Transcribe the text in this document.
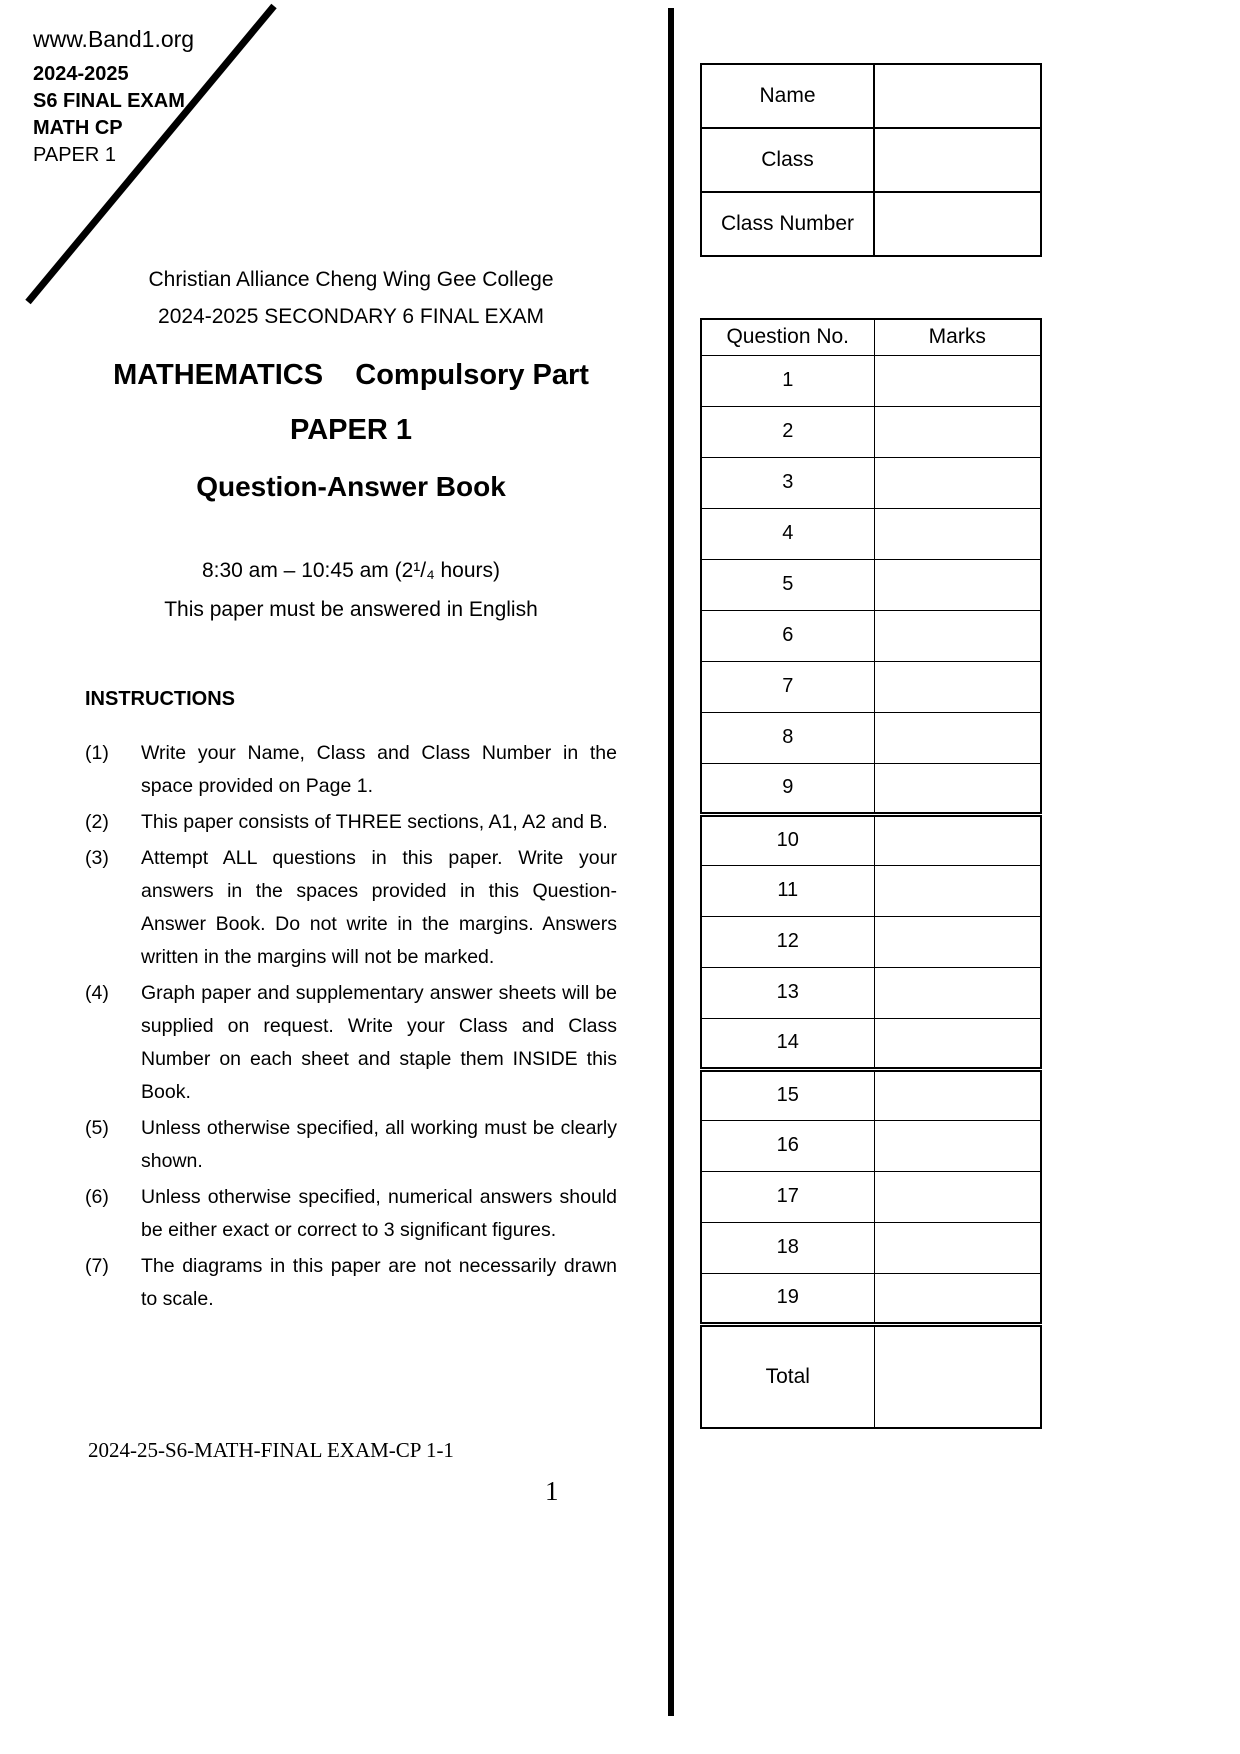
www.Band1.org
2024-2025
S6 FINAL EXAM
MATH CP
PAPER 1
Christian Alliance Cheng Wing Gee College
2024-2025 SECONDARY 6 FINAL EXAM
MATHEMATICS    Compulsory Part
PAPER 1
Question-Answer Book
8:30 am – 10:45 am (2¹/₄ hours)
This paper must be answered in English
INSTRUCTIONS
(1)	Write your Name, Class and Class Number in the space provided on Page 1.
(2)	This paper consists of THREE sections, A1, A2 and B.
(3)	Attempt ALL questions in this paper. Write your answers in the spaces provided in this Question-Answer Book. Do not write in the margins. Answers written in the margins will not be marked.
(4)	Graph paper and supplementary answer sheets will be supplied on request. Write your Class and Class Number on each sheet and staple them INSIDE this Book.
(5)	Unless otherwise specified, all working must be clearly shown.
(6)	Unless otherwise specified, numerical answers should be either exact or correct to 3 significant figures.
(7)	The diagrams in this paper are not necessarily drawn to scale.
Name	
Class	
Class Number	
Question No.	Marks
1	
2	
3	
4	
5	
6	
7	
8	
9	
10	
11	
12	
13	
14	
15	
16	
17	
18	
19	
Total	
2024-25-S6-MATH-FINAL EXAM-CP 1-1
1
